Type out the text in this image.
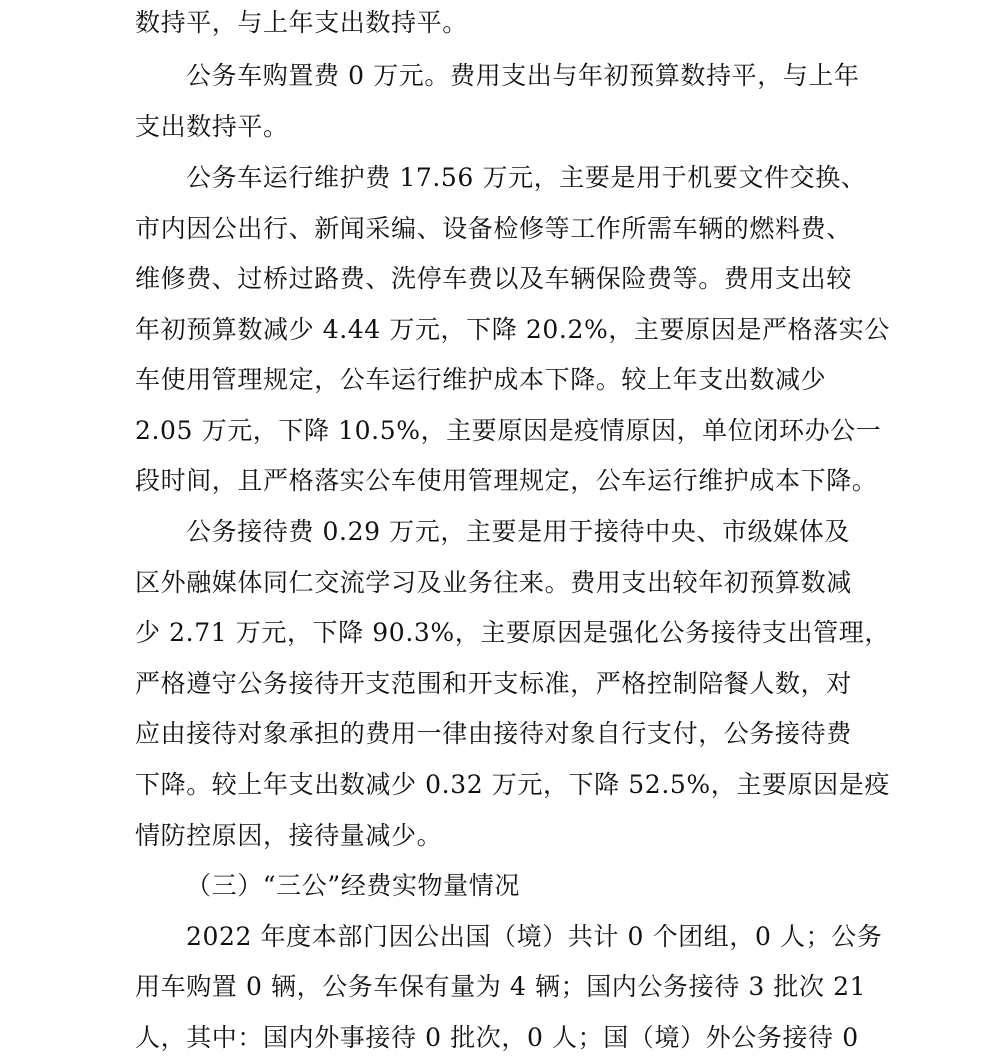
数持平，与上年支出数持平。
公务车购置费 0 万元。费用支出与年初预算数持平，与上年
支出数持平。
公务车运行维护费 17.56 万元，主要是用于机要文件交换、
市内因公出行、新闻采编、设备检修等工作所需车辆的燃料费、
维修费、过桥过路费、洗停车费以及车辆保险费等。费用支出较
年初预算数减少 4.44 万元，下降 20.2%，主要原因是严格落实公
车使用管理规定，公车运行维护成本下降。较上年支出数减少
2.05 万元，下降 10.5%，主要原因是疫情原因，单位闭环办公一
段时间，且严格落实公车使用管理规定，公车运行维护成本下降。
公务接待费 0.29 万元，主要是用于接待中央、市级媒体及
区外融媒体同仁交流学习及业务往来。费用支出较年初预算数减
少 2.71 万元，下降 90.3%，主要原因是强化公务接待支出管理，
严格遵守公务接待开支范围和开支标准，严格控制陪餐人数，对
应由接待对象承担的费用一律由接待对象自行支付，公务接待费
下降。较上年支出数减少 0.32 万元，下降 52.5%，主要原因是疫
情防控原因，接待量减少。
（三）“三公”经费实物量情况
2022 年度本部门因公出国（境）共计 0 个团组，0 人；公务
用车购置 0 辆，公务车保有量为 4 辆；国内公务接待 3 批次 21
人，其中：国内外事接待 0 批次，0 人；国（境）外公务接待 0
